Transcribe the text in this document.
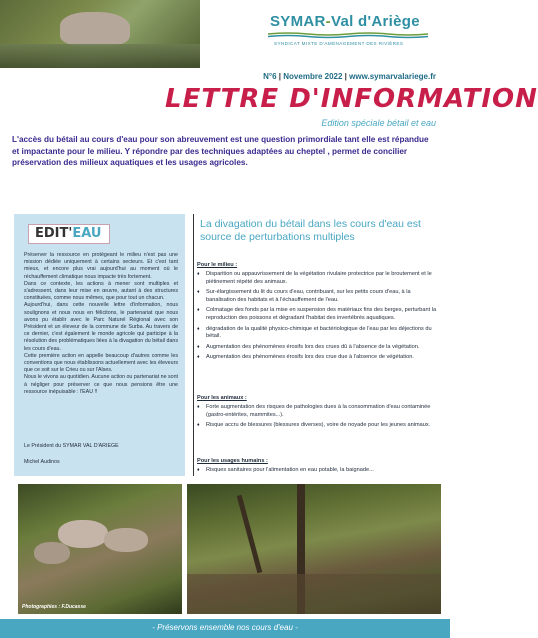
SYMAR-Val d'Ariège
SYNDICAT MIXTE D'AMÉNAGEMENT DES RIVIÈRES
N°6 | Novembre 2022 | www.symarvalariege.fr
LETTRE D'INFORMATION
Edition spéciale bétail et eau
L'accès du bétail au cours d'eau pour son abreuvement est une question primordiale tant elle est répandue et impactante pour le milieu. Y répondre par des techniques adaptées au cheptel , permet de concilier préservation des milieux aquatiques et les usages agricoles.
EDIT'EAU

Préserver la ressource en protégeant le milieu n'est pas une mission dédiée uniquement à certains secteurs. Et c'est tant mieux, et encore plus vrai aujourd'hui au moment où le réchauffement climatique nous impacte très fortement.

Dans ce contexte, les actions à mener sont multiples et s'adressent, dans leur mise en œuvre, autant à des structures constituées, comme nous mêmes, que pour tout un chacun.

Aujourd'hui, dans cette nouvelle lettre d'information, nous soulignons et nous nous en félicitons, le partenariat que nous avons pu établir avec le Parc Naturel Régional avec son Président et un éleveur de la commune de Surba. Au travers de ce dernier, c'est également le monde agricole qui participe à la résolution des problématiques liées à la divagation du bétail dans les cours d'eau.

Cette première action en appelle beaucoup d'autres comme les conventions que nous établissons actuellement avec les éleveurs que ce soit sur le Crieu ou sur l'Alses.

Nous le vivons au quotidien. Aucune action ou partenariat ne sont à négliger pour préserver ce que nous pensions être une ressource inépuisable : l'EAU !!

Le Président du SYMAR VAL D'ARIEGE
Michel Audinos
La divagation du bétail dans les cours d'eau est source de perturbations multiples
Pour le milieu :
♦ Disparition ou appauvrissement de la végétation rivulaire protectrice par le broutement et le piétinement répété des animaux.
♦ Sur-élargissement du lit du cours d'eau, contribuant, sur les petits cours d'eau, à la banalisation des habitats et à l'échauffement de l'eau.
♦ Colmatage des fonds par la mise en suspension des matériaux fins des berges, perturbant la reproduction des poissons et dégradant l'habitat des invertébrés aquatiques.
♦ dégradation de la qualité physico-chimique et bactériologique de l'eau par les déjections du bétail.
♦ Augmentation des phénomènes érosifs lors des crues dû à l'absence de la végétation.
♦ Augmentation des phénomènes érosifs lors des crue due à l'absence de végétation.
Pour les animaux :
♦ Forte augmentation des risques de pathologies dues à la consommation d'eau contaminée (gastro-entérites, mammites...).
♦ Risque accru de blessures (blessures diverses), voire de noyade pour les jeunes animaux.
Pour les usages humains :
♦ Risques sanitaires pour l'alimentation en eau potable, la baignade...
Photographies : F.Ducasse
- Préservons ensemble nos cours d'eau -
